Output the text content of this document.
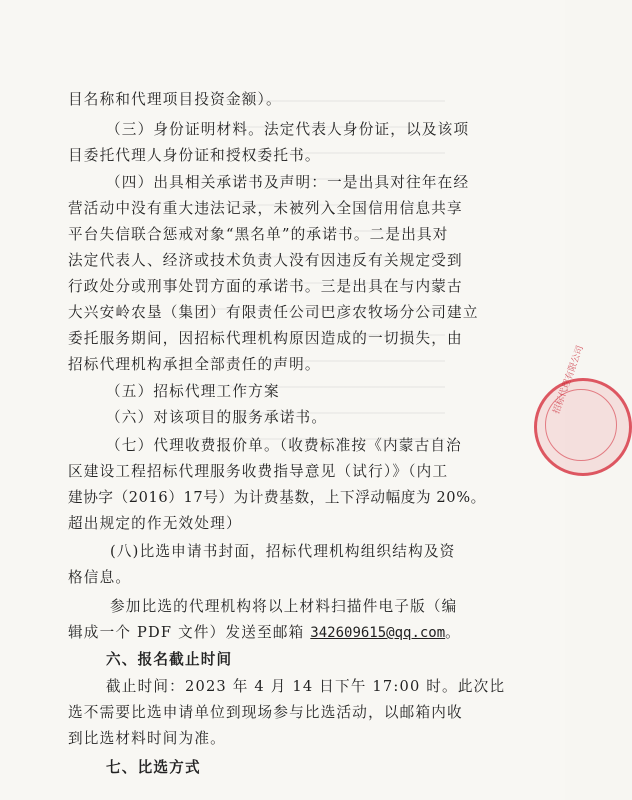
目名称和代理项目投资金额）。
（三）身份证明材料。法定代表人身份证，以及该项
目委托代理人身份证和授权委托书。
（四）出具相关承诺书及声明：一是出具对往年在经
营活动中没有重大违法记录，未被列入全国信用信息共享
平台失信联合惩戒对象“黑名单”的承诺书。二是出具对
法定代表人、经济或技术负责人没有因违反有关规定受到
行政处分或刑事处罚方面的承诺书。三是出具在与内蒙古
大兴安岭农垦（集团）有限责任公司巴彦农牧场分公司建立
委托服务期间，因招标代理机构原因造成的一切损失，由
招标代理机构承担全部责任的声明。
（五）招标代理工作方案
（六）对该项目的服务承诺书。
（七）代理收费报价单。（收费标准按《内蒙古自治
区建设工程招标代理服务收费指导意见（试行）》（内工
建协字（2016）17号）为计费基数，上下浮动幅度为 20%。
超出规定的作无效处理）
(八)比选申请书封面，招标代理机构组织结构及资
格信息。
参加比选的代理机构将以上材料扫描件电子版（编
辑成一个 PDF 文件）发送至邮箱 342609615@qq.com。
六、报名截止时间
截止时间：2023 年 4 月 14 日下午 17:00 时。此次比
选不需要比选申请单位到现场参与比选活动，以邮箱内收
到比选材料时间为准。
七、比选方式
招标代理有限公司
